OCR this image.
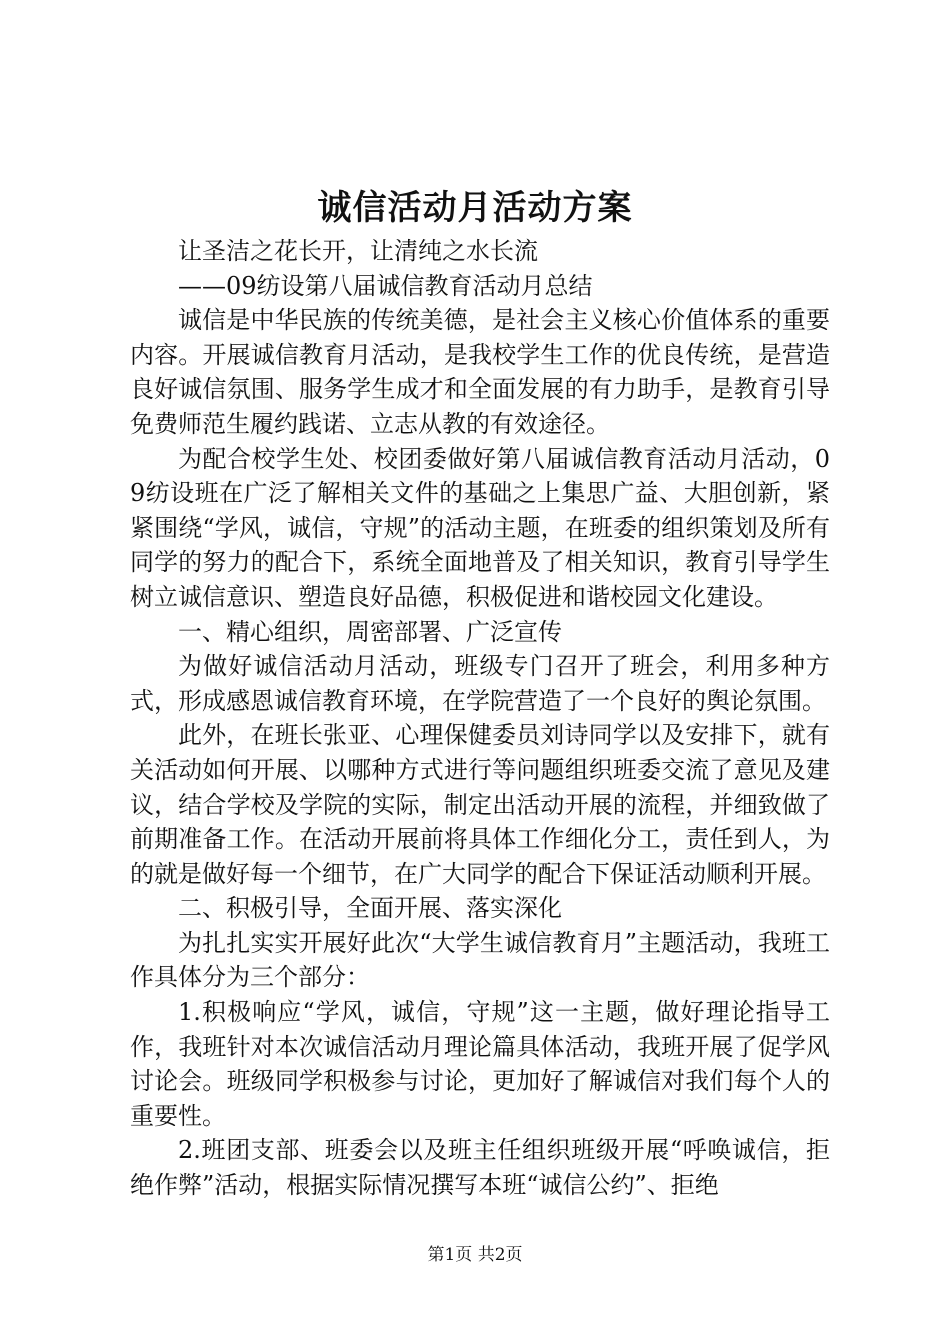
诚信活动月活动方案

让圣洁之花长开，让清纯之水长流

——09纺设第八届诚信教育活动月总结

诚信是中华民族的传统美德，是社会主义核心价值体系的重要内容。开展诚信教育月活动，是我校学生工作的优良传统，是营造良好诚信氛围、服务学生成才和全面发展的有力助手，是教育引导免费师范生履约践诺、立志从教的有效途径。

为配合校学生处、校团委做好第八届诚信教育活动月活动，09纺设班在广泛了解相关文件的基础之上集思广益、大胆创新，紧紧围绕“学风，诚信，守规”的活动主题，在班委的组织策划及所有同学的努力的配合下，系统全面地普及了相关知识，教育引导学生树立诚信意识、塑造良好品德，积极促进和谐校园文化建设。

一、精心组织，周密部署、广泛宣传

为做好诚信活动月活动，班级专门召开了班会，利用多种方式，形成感恩诚信教育环境，在学院营造了一个良好的舆论氛围。

此外，在班长张亚、心理保健委员刘诗同学以及安排下，就有关活动如何开展、以哪种方式进行等问题组织班委交流了意见及建议，结合学校及学院的实际，制定出活动开展的流程，并细致做了前期准备工作。在活动开展前将具体工作细化分工，责任到人，为的就是做好每一个细节，在广大同学的配合下保证活动顺利开展。

二、积极引导，全面开展、落实深化

为扎扎实实开展好此次“大学生诚信教育月”主题活动，我班工作具体分为三个部分：

1.积极响应“学风，诚信，守规”这一主题，做好理论指导工作，我班针对本次诚信活动月理论篇具体活动，我班开展了促学风讨论会。班级同学积极参与讨论，更加好了解诚信对我们每个人的重要性。

2.班团支部、班委会以及班主任组织班级开展“呼唤诚信，拒绝作弊”活动，根据实际情况撰写本班“诚信公约”、拒绝

第1页 共2页
